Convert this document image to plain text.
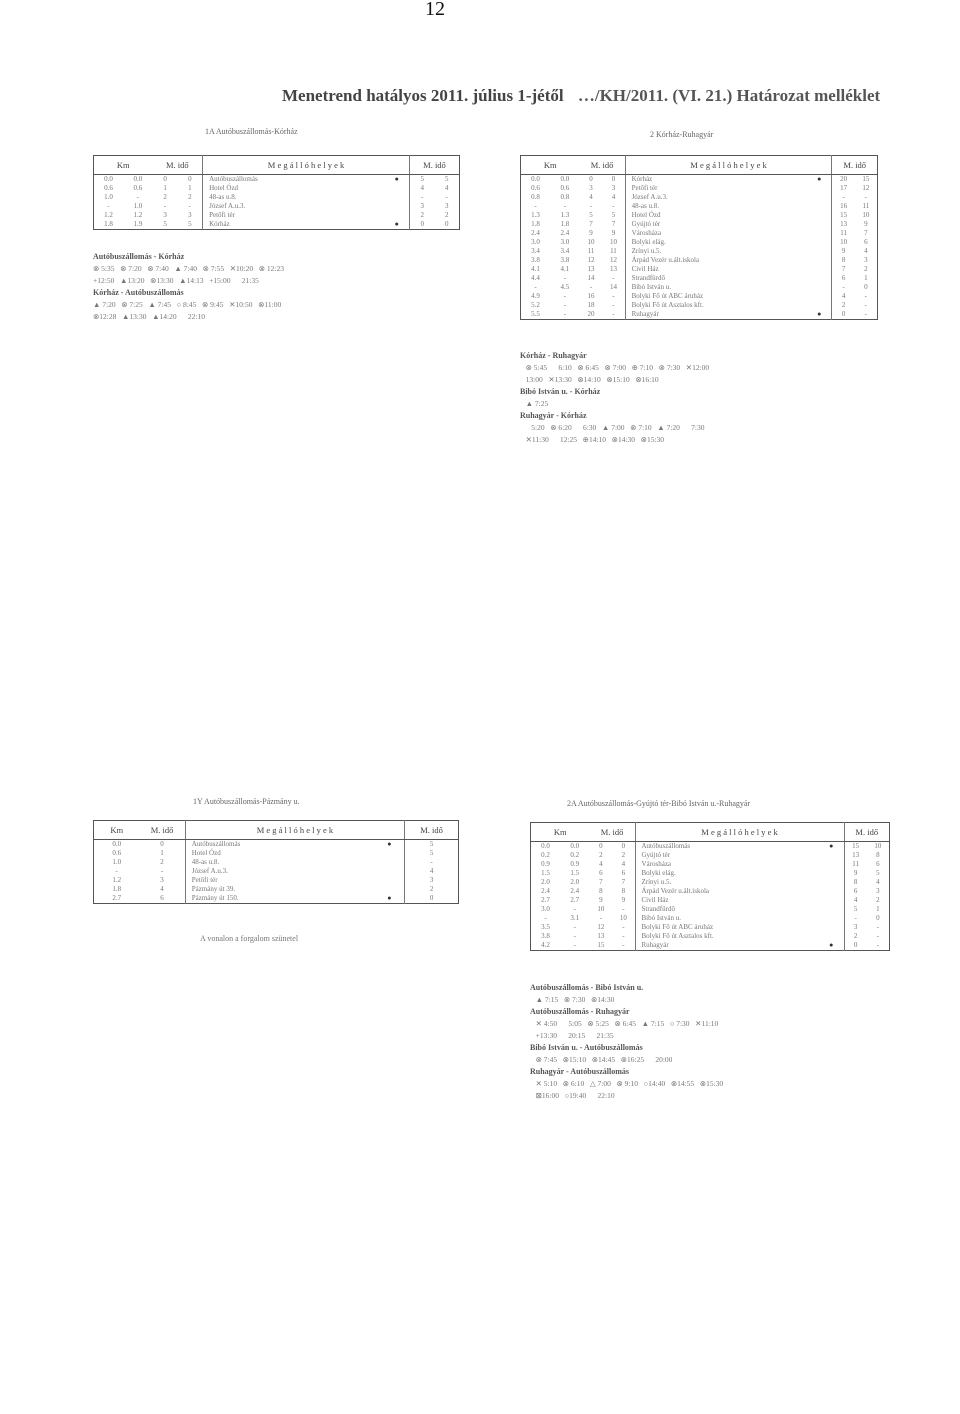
12
Menetrend hatályos 2011. július 1-jétől …/KH/2011. (VI. 21.) Határozat melléklet
1A Autóbuszállomás-Kórház
Km		M. idő		M e g á l l ó h e l y e k		M. idő	
0.0	0.0	0	0	Autóbuszállomás	●	5	5
0.6	0.6	1	1	Hotel Ózd		4	4
1.0	-	2	2	48-as u.8.		-	-
-	1.0	-	-	József A.u.3.		3	3
1.2	1.2	3	3	Petőfi tér		2	2
1.8	1.9	5	5	Kórház	●	0	0
Autóbuszállomás - Kórház
⊗ 5:35   ⊗ 7:20   ⊗ 7:40   ▲ 7:40   ⊗ 7:55   ✕10:20   ⊗ 12:23
+12:50   ▲13:20   ⊗13:30   ▲14:13   +15:00      21:35
Kórház - Autóbuszállomás
▲ 7:20   ⊗ 7:25   ▲ 7:45   ○ 8:45   ⊗ 9:45   ✕10:50   ⊗11:00
⊗12:28   ▲13:30   ▲14:20      22:10
2 Kórház-Ruhagyár
Km		M. idő		M e g á l l ó h e l y e k		M. idő	
0.0	0.0	0	0	Kórház	●	20	15
0.6	0.6	3	3	Petőfi tér		17	12
0.8	0.8	4	4	József A.u.3.		-	-
-	-	-	-	48-as u.8.		16	11
1.3	1.3	5	5	Hotel Ózd		15	10
1.8	1.8	7	7	Gyújtó tér		13	9
2.4	2.4	9	9	Városháza		11	7
3.0	3.0	10	10	Bolyki elág.		10	6
3.4	3.4	11	11	Zrínyi u.5.		9	4
3.8	3.8	12	12	Árpád Vezér u.ált.iskola		8	3
4.1	4.1	13	13	Civil Ház		7	2
4.4	-	14	-	Strandfürdő		6	1
-	4.5	-	14	Bibó István u.		-	0
4.9	-	16	-	Bolyki Fő út ABC áruház		4	-
5.2	-	18	-	Bolyki Fő út Asztalos kft.		2	-
5.5	-	20	-	Ruhagyár	●	0	-
Kórház - Ruhagyár
⊗ 5:45      6:10   ⊗ 6:45   ⊗ 7:00   ⊕ 7:10   ⊗ 7:30   ✕12:00
13:00   ✕13:30   ⊗14:10   ⊗15:10   ⊗16:10
Bibó István u. - Kórház
▲ 7:25
Ruhagyár - Kórház
5:20   ⊗ 6:20      6:30   ▲ 7:00   ⊗ 7:10   ▲ 7:20      7:30
✕11:30      12:25   ⊕14:10   ⊗14:30   ⊗15:30
1Y Autóbuszállomás-Pázmány u.
Km	M. idő	M e g á l l ó h e l y e k		M. idő
0.0	0	Autóbuszállomás	●	5
0.6	1	Hotel Ózd		5
1.0	2	48-as u.8.		-
-	-	József A.u.3.		4
1.2	3	Petőfi tér		3
1.8	4	Pázmány út 39.		2
2.7	6	Pázmány út 150.	●	0
A vonalon a forgalom szünetel
2A Autóbuszállomás-Gyújtó tér-Bibó István u.-Ruhagyár
Km		M. idő		M e g á l l ó h e l y e k		M. idő	
0.0	0.0	0	0	Autóbuszállomás	●	15	10
0.2	0.2	2	2	Gyújtó tér		13	8
0.9	0.9	4	4	Városháza		11	6
1.5	1.5	6	6	Bolyki elág.		9	5
2.0	2.0	7	7	Zrínyi u.5.		8	4
2.4	2.4	8	8	Árpád Vezér u.ált.iskola		6	3
2.7	2.7	9	9	Civil Ház		4	2
3.0	-	10	-	Strandfürdő		5	1
-	3.1	-	10	Bibó István u.		-	0
3.5	-	12	-	Bolyki Fő út ABC áruház		3	-
3.8	-	13	-	Bolyki Fő út Asztalos kft.		2	-
4.2	-	15	-	Ruhagyár	●	0	-
Autóbuszállomás - Bibó István u.
▲ 7:15   ⊗ 7:30   ⊗14:30
Autóbuszállomás - Ruhagyár
✕ 4:50      5:05   ⊗ 5:25   ⊗ 6:45   ▲ 7:15   ○ 7:30   ✕11:10
+13:30      20:15      21:35
Bibó István u. - Autóbuszállomás
⊗ 7:45   ⊗15:10   ⊗14:45   ⊗16:25      20:00
Ruhagyár - Autóbuszállomás
✕ 5:10   ⊗ 6:10   △ 7:00   ⊗ 9:10   ○14:40   ⊗14:55   ⊗15:30
⊠16:00   ○19:40      22:10
